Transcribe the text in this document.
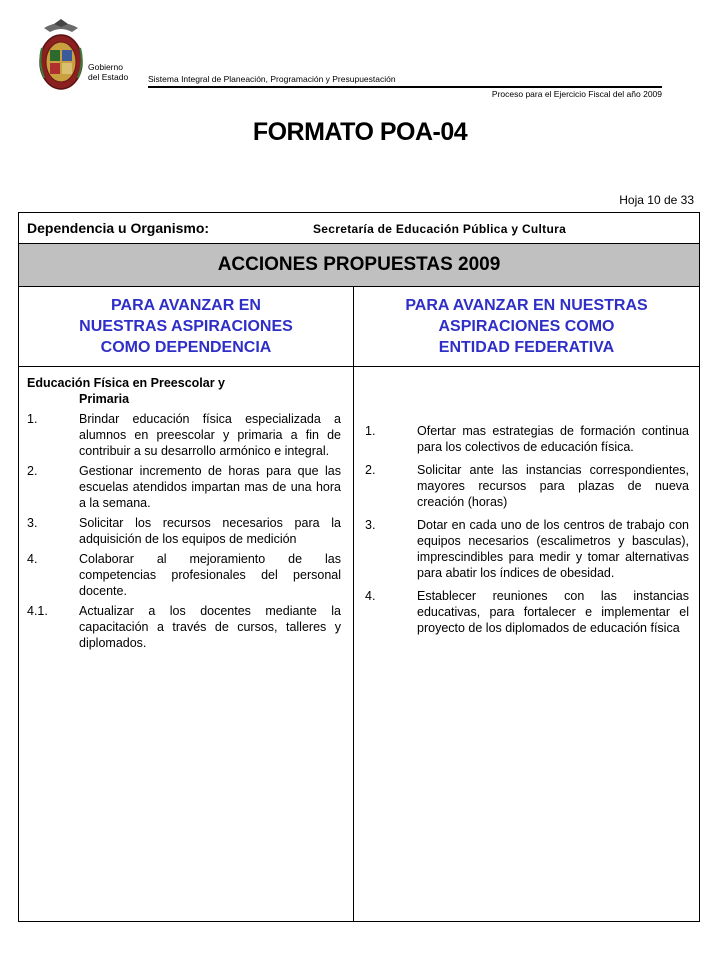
Gobierno
del Estado Sistema Integral de Planeación, Programación y Presupuestación
Proceso para el Ejercicio Fiscal del año 2009
FORMATO POA-04
Hoja 10 de 33
Dependencia u Organismo:	Secretaría de Educación Pública y Cultura
ACCIONES PROPUESTAS 2009
PARA AVANZAR EN
NUESTRAS ASPIRACIONES
COMO DEPENDENCIA
PARA AVANZAR EN NUESTRAS
ASPIRACIONES COMO
ENTIDAD FEDERATIVA
Educación Física en Preescolar y
Primaria
1.	Brindar educación física especializada a alumnos en preescolar y primaria a fin de contribuir a su desarrollo armónico e integral.
2.	Gestionar incremento de horas para que las escuelas atendidos impartan mas de una hora a la semana.
3.	Solicitar los recursos necesarios para la adquisición de los equipos de medición
4.	Colaborar al mejoramiento de las competencias profesionales del personal docente.
4.1.	Actualizar a los docentes mediante la capacitación a través de cursos, talleres y diplomados.
1.	Ofertar mas estrategias de formación continua para los colectivos de educación física.
2.	Solicitar ante las instancias correspondientes, mayores recursos para plazas de nueva creación (horas)
3.	Dotar en cada uno de los centros de trabajo con equipos necesarios (escalimetros y basculas), imprescindibles para medir y tomar alternativas para abatir los índices de obesidad.
4.	Establecer reuniones con las instancias educativas, para fortalecer e implementar el proyecto de los diplomados de educación física
